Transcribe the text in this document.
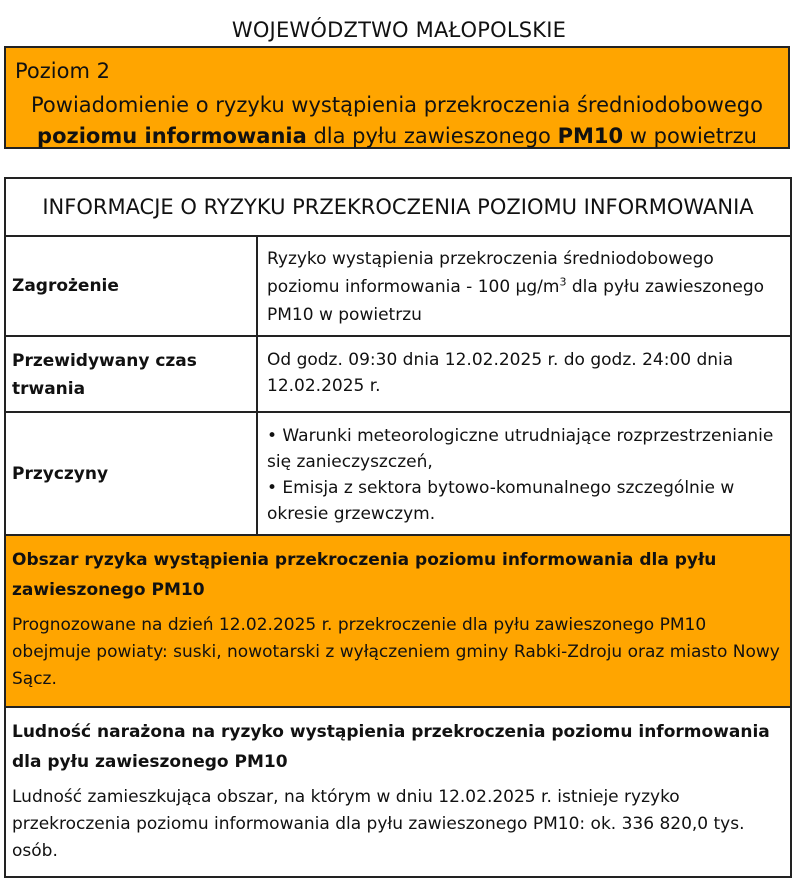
WOJEWÓDZTWO MAŁOPOLSKIE
Poziom 2
Powiadomienie o ryzyku wystąpienia przekroczenia średniodobowego
poziomu informowania dla pyłu zawieszonego PM10 w powietrzu
INFORMACJE O RYZYKU PRZEKROCZENIA POZIOMU INFORMOWANIA
Zagrożenie
Ryzyko wystąpienia przekroczenia średniodobowego poziomu informowania - 100 $\mu g/m^3$ dla pyłu zawieszonego PM10 w powietrzu
Przewidywany czas trwania
Od godz. 09:30 dnia 12.02.2025 r. do godz. 24:00 dnia 12.02.2025 r.
Przyczyny
• Warunki meteorologiczne utrudniające rozprzestrzenianie się zanieczyszczeń,
• Emisja z sektora bytowo-komunalnego szczególnie w okresie grzewczym.
Obszar ryzyka wystąpienia przekroczenia poziomu informowania dla pyłu zawieszonego PM10
Prognozowane na dzień 12.02.2025 r. przekroczenie dla pyłu zawieszonego PM10 obejmuje powiaty: suski, nowotarski z wyłączeniem gminy Rabki-Zdroju oraz miasto Nowy Sącz.
Ludność narażona na ryzyko wystąpienia przekroczenia poziomu informowania dla pyłu zawieszonego PM10
Ludność zamieszkująca obszar, na którym w dniu 12.02.2025 r. istnieje ryzyko przekroczenia poziomu informowania dla pyłu zawieszonego PM10: ok. 336 820,0 tys. osób.
